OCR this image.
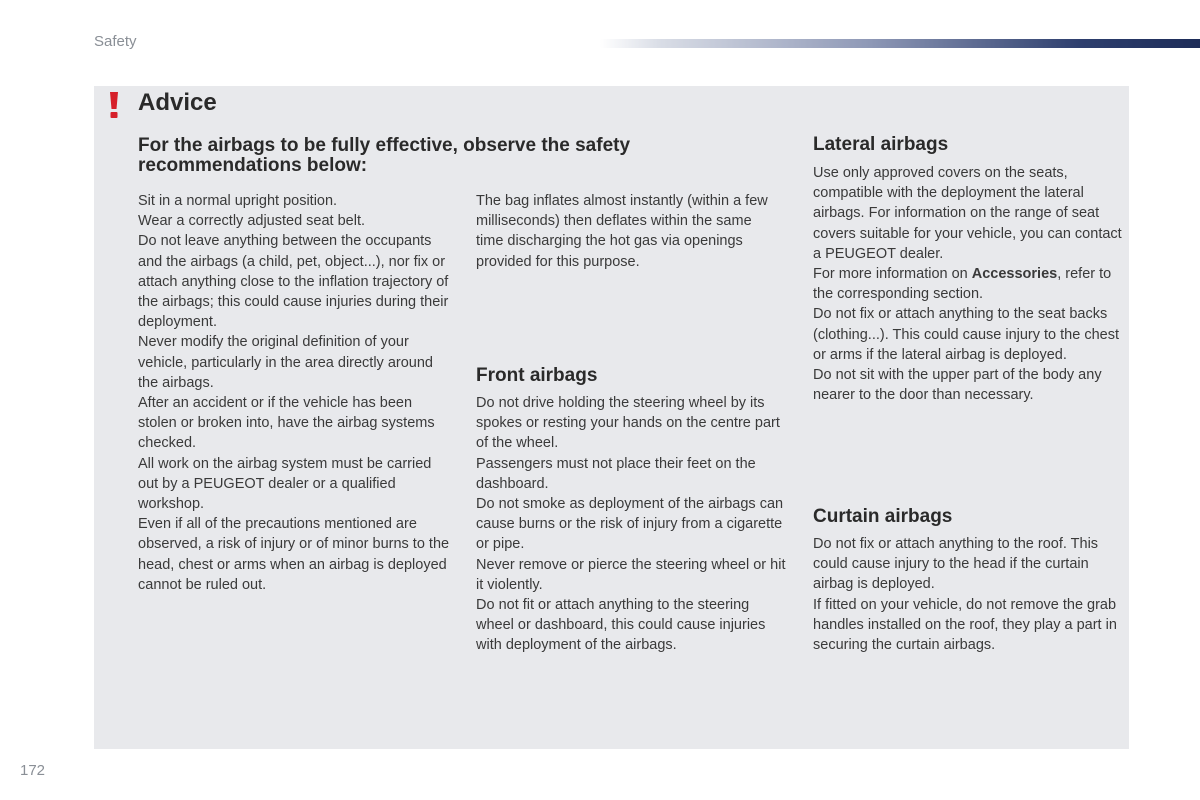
Safety
Advice
For the airbags to be fully effective, observe the safety recommendations below:

Sit in a normal upright position.

Wear a correctly adjusted seat belt.

Do not leave anything between the occupants and the airbags (a child, pet, object...), nor fix or attach anything close to the inflation trajectory of the airbags; this could cause injuries during their deployment.

Never modify the original definition of your vehicle, particularly in the area directly around the airbags.

After an accident or if the vehicle has been stolen or broken into, have the airbag systems checked.

All work on the airbag system must be carried out by a PEUGEOT dealer or a qualified workshop.

Even if all of the precautions mentioned are observed, a risk of injury or of minor burns to the head, chest or arms when an airbag is deployed cannot be ruled out.

The bag inflates almost instantly (within a few milliseconds) then deflates within the same time discharging the hot gas via openings provided for this purpose.

Front airbags

Do not drive holding the steering wheel by its spokes or resting your hands on the centre part of the wheel.

Passengers must not place their feet on the dashboard.

Do not smoke as deployment of the airbags can cause burns or the risk of injury from a cigarette or pipe.

Never remove or pierce the steering wheel or hit it violently.

Do not fit or attach anything to the steering wheel or dashboard, this could cause injuries with deployment of the airbags.

Lateral airbags

Use only approved covers on the seats, compatible with the deployment the lateral airbags. For information on the range of seat covers suitable for your vehicle, you can contact a PEUGEOT dealer.

For more information on Accessories, refer to the corresponding section.

Do not fix or attach anything to the seat backs (clothing...). This could cause injury to the chest or arms if the lateral airbag is deployed.

Do not sit with the upper part of the body any nearer to the door than necessary.

Curtain airbags

Do not fix or attach anything to the roof. This could cause injury to the head if the curtain airbag is deployed.

If fitted on your vehicle, do not remove the grab handles installed on the roof, they play a part in securing the curtain airbags.

172
